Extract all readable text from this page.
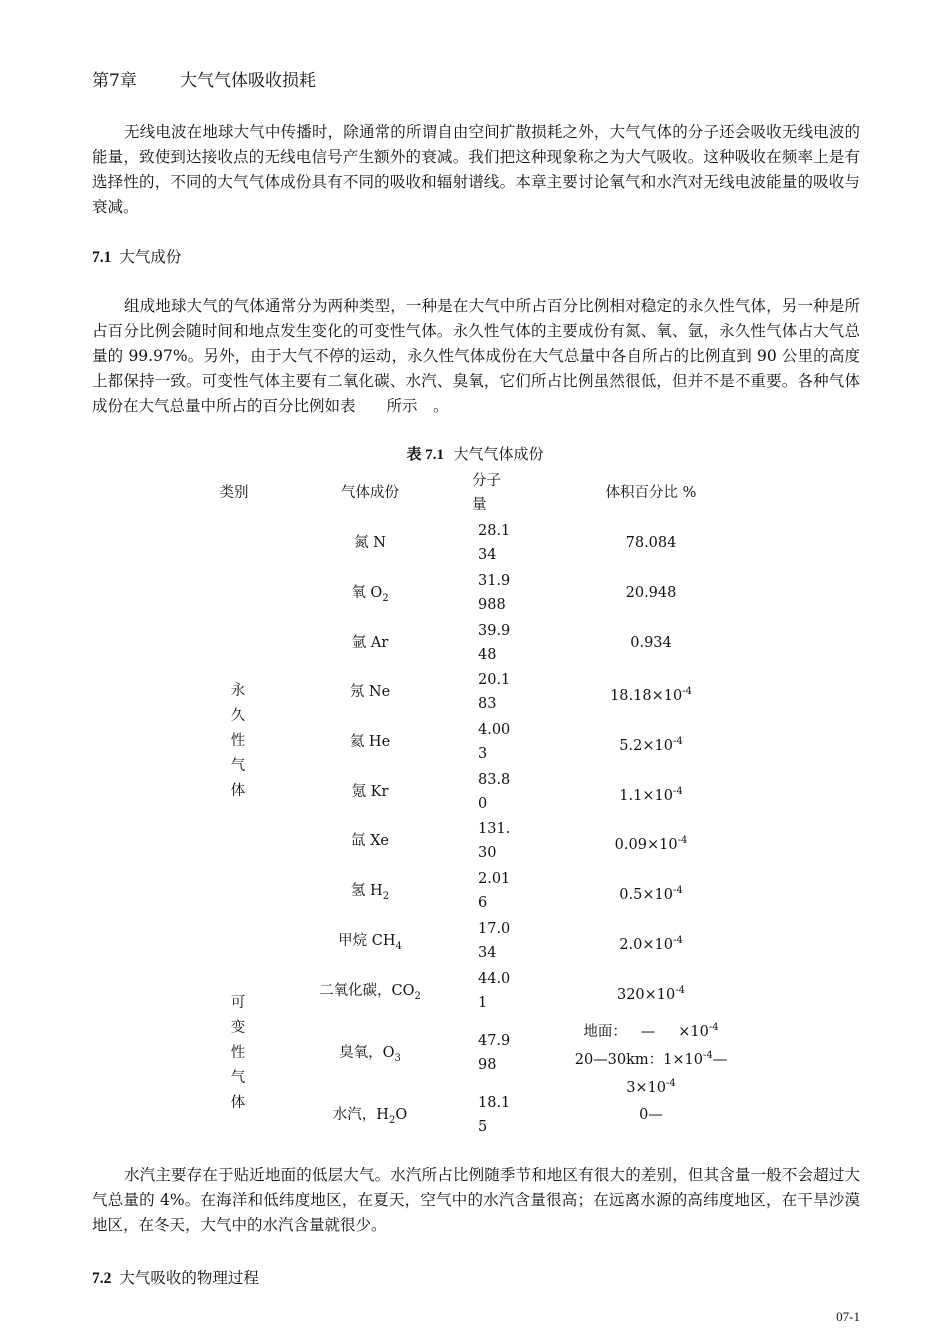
第7章	大气气体吸收损耗

无线电波在地球大气中传播时，除通常的所谓自由空间扩散损耗之外，大气气体的分子还会吸收无线电波的能量，致使到达接收点的无线电信号产生额外的衰减。我们把这种现象称之为大气吸收。这种吸收在频率上是有选择性的，不同的大气气体成份具有不同的吸收和辐射谱线。本章主要讨论氧气和水汽对无线电波能量的吸收与衰减。

7.1 大气成份

组成地球大气的气体通常分为两种类型，一种是在大气中所占百分比例相对稳定的永久性气体，另一种是所占百分比例会随时间和地点发生变化的可变性气体。永久性气体的主要成份有氮、氧、氩，永久性气体占大气总量的 99.97%。另外，由于大气不停的运动，永久性气体成份在大气总量中各自所占的比例直到 90 公里的高度上都保持一致。可变性气体主要有二氧化碳、水汽、臭氧，它们所占比例虽然很低，但并不是不重要。各种气体成份在大气总量中所占的百分比例如表　　所示　。

表 7.1 大气气体成份
类别	气体成份
分子量
体积百分比 %
永
久
性
气
体
可
变
性
气
体
氮 N
28.134
78.084
氧 $O_2$
31.9988
20.948
氩 Ar
39.948
0.934
氖 Ne
20.183
$18.18\times 10^{-4}$
氦 He
4.003
$5.2\times 10^{-4}$
氪 Kr
83.80
$1.1\times 10^{-4}$
氙 Xe
131.30
$0.09\times 10^{-4}$
氢 $H_2$
2.016
$0.5\times 10^{-4}$
甲烷 $CH_4$
17.034
$2.0\times 10^{-4}$
二氧化碳，$CO_2$
44.01
$320\times 10^{-4}$
臭氧，$O_3$
47.998
地面： — $\times 10^{-4}$
20—30km：$1\times 10^{-4}—$
$3\times 10^{-4}$
水汽，$H_2O$
18.15
0—

水汽主要存在于贴近地面的低层大气。水汽所占比例随季节和地区有很大的差别，但其含量一般不会超过大气总量的 4%。在海洋和低纬度地区，在夏天，空气中的水汽含量很高；在远离水源的高纬度地区，在干旱沙漠地区，在冬天，大气中的水汽含量就很少。

7.2 大气吸收的物理过程
07-1
